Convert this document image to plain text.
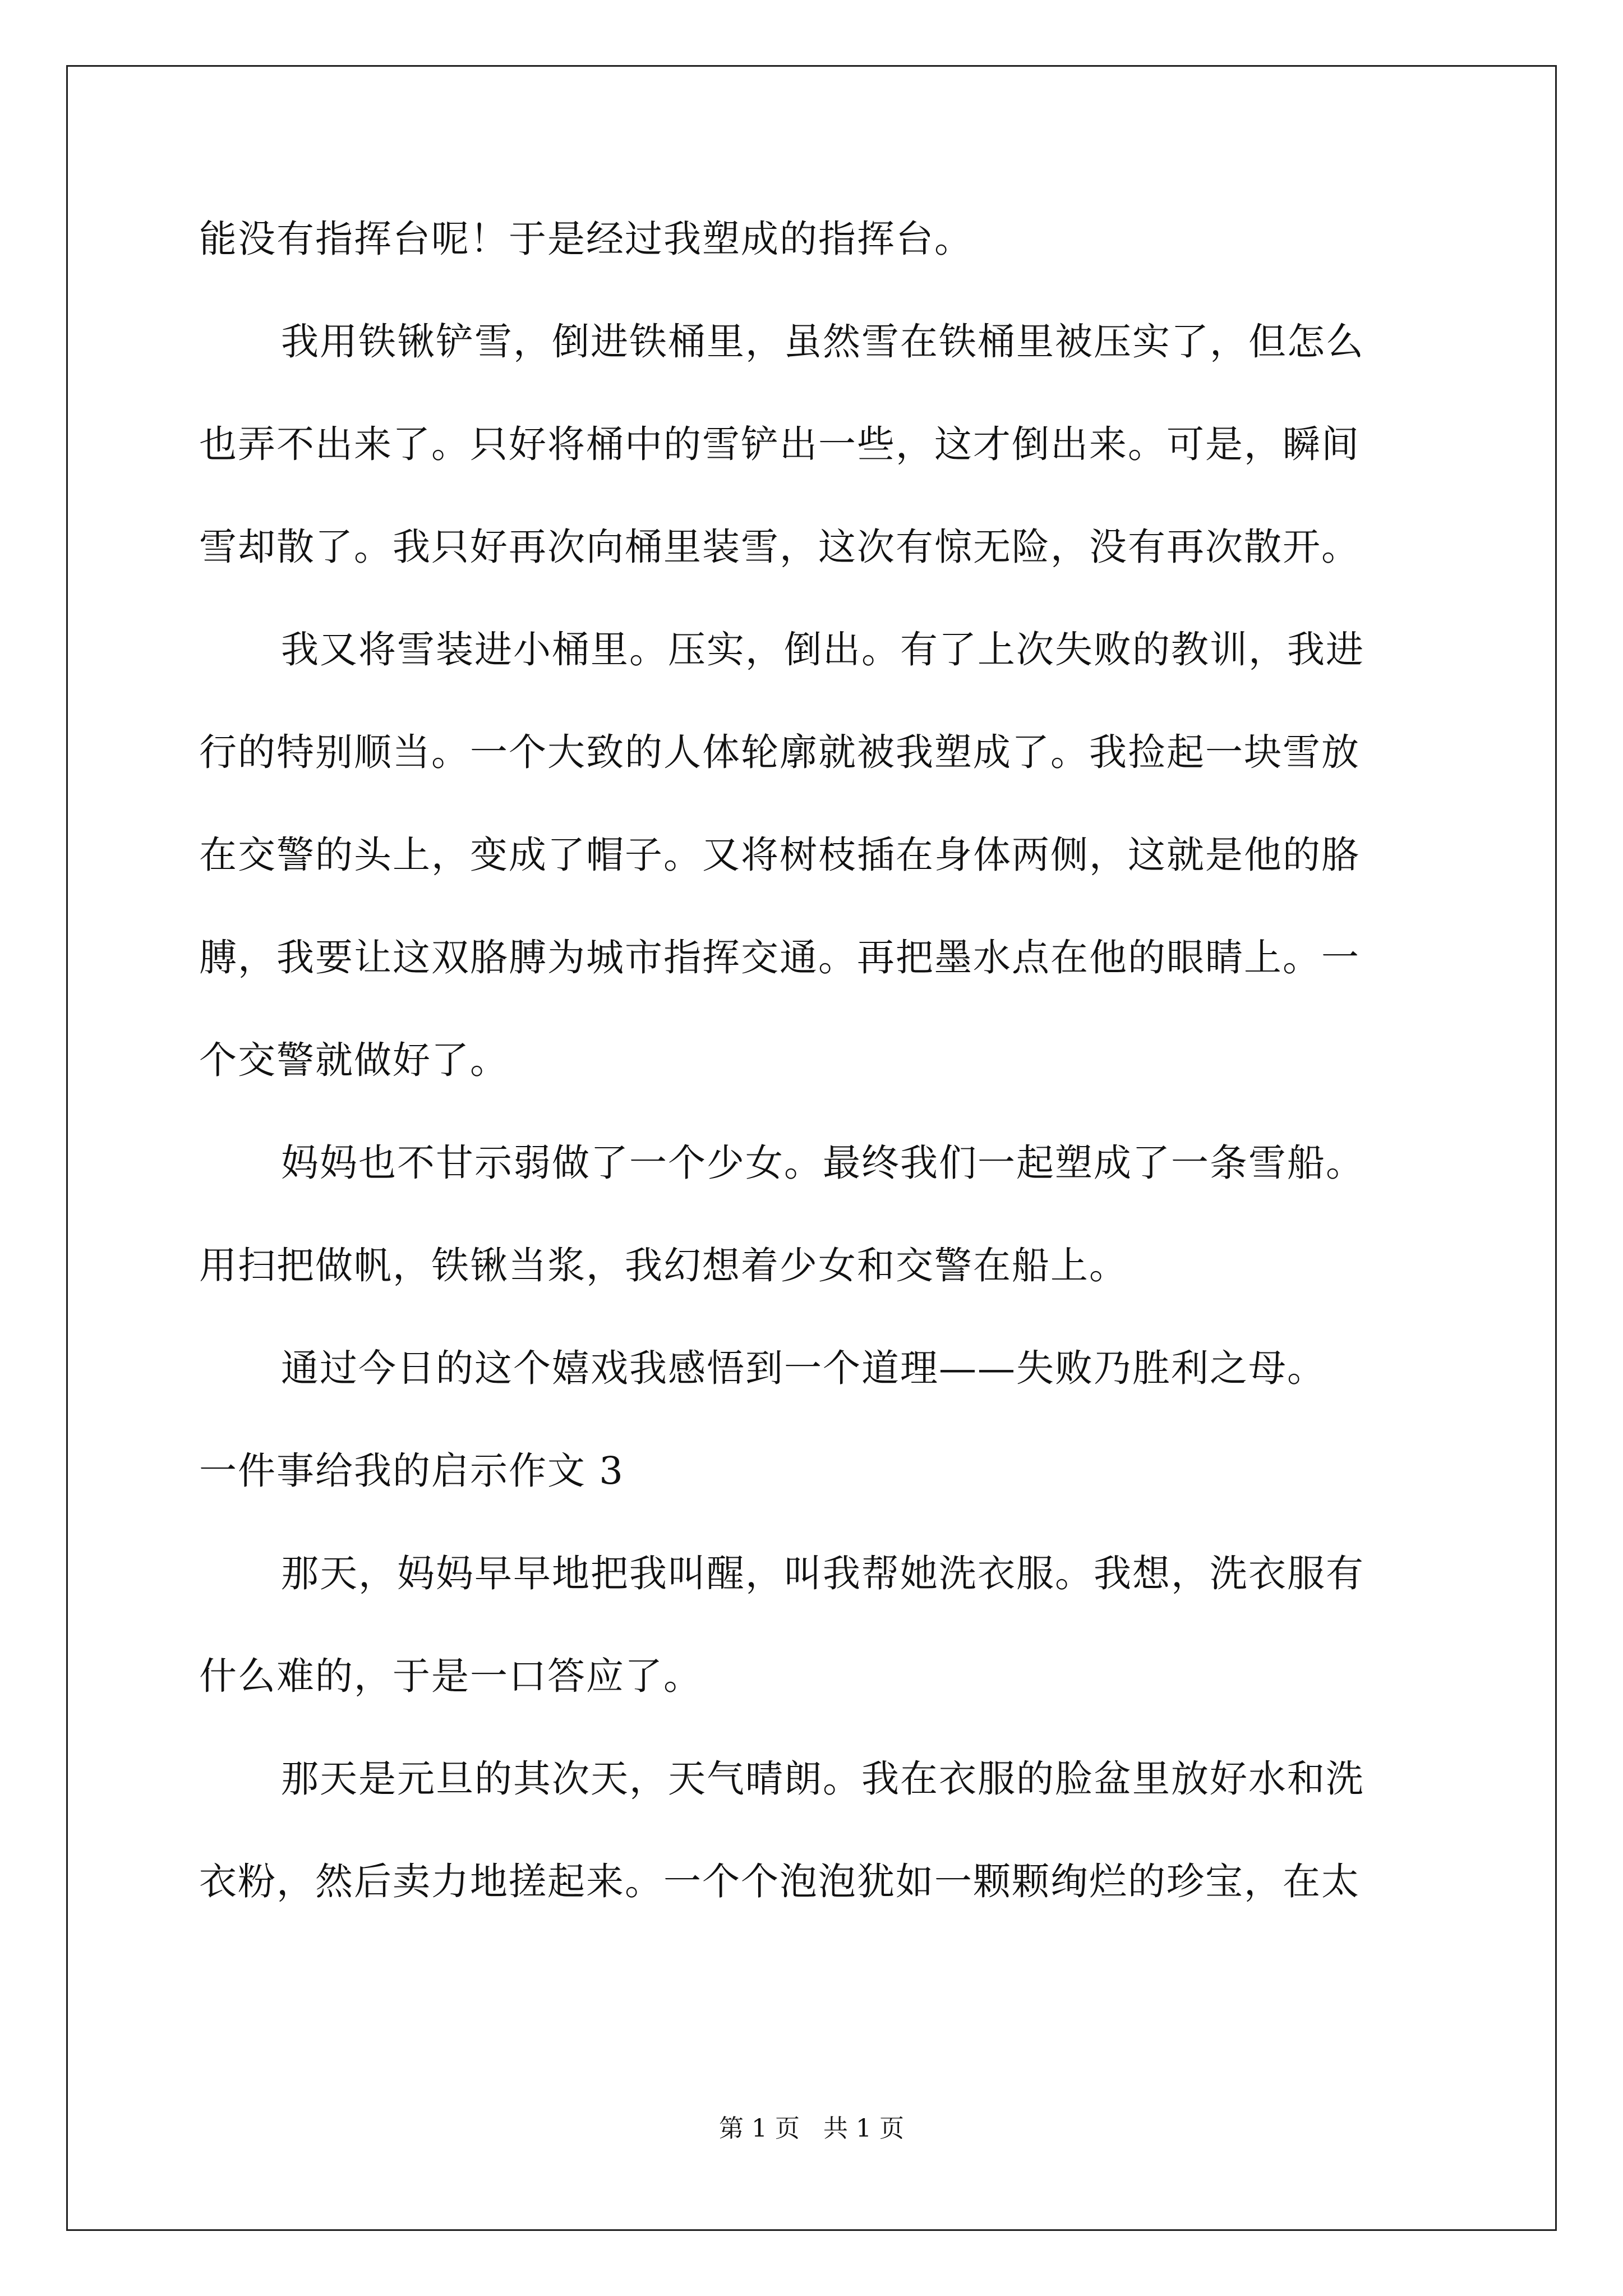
能没有指挥台呢！于是经过我塑成的指挥台。
我用铁锹铲雪，倒进铁桶里，虽然雪在铁桶里被压实了，但怎么
也弄不出来了。只好将桶中的雪铲出一些，这才倒出来。可是，瞬间
雪却散了。我只好再次向桶里装雪，这次有惊无险，没有再次散开。
我又将雪装进小桶里。压实，倒出。有了上次失败的教训，我进
行的特别顺当。一个大致的人体轮廓就被我塑成了。我捡起一块雪放
在交警的头上，变成了帽子。又将树枝插在身体两侧，这就是他的胳
膊，我要让这双胳膊为城市指挥交通。再把墨水点在他的眼睛上。一
个交警就做好了。
妈妈也不甘示弱做了一个少女。最终我们一起塑成了一条雪船。
用扫把做帆，铁锹当浆，我幻想着少女和交警在船上。
通过今日的这个嬉戏我感悟到一个道理——失败乃胜利之母。
一件事给我的启示作文 3
那天，妈妈早早地把我叫醒，叫我帮她洗衣服。我想，洗衣服有
什么难的，于是一口答应了。
那天是元旦的其次天，天气晴朗。我在衣服的脸盆里放好水和洗
衣粉，然后卖力地搓起来。一个个泡泡犹如一颗颗绚烂的珍宝，在太
第 1 页   共 1 页
